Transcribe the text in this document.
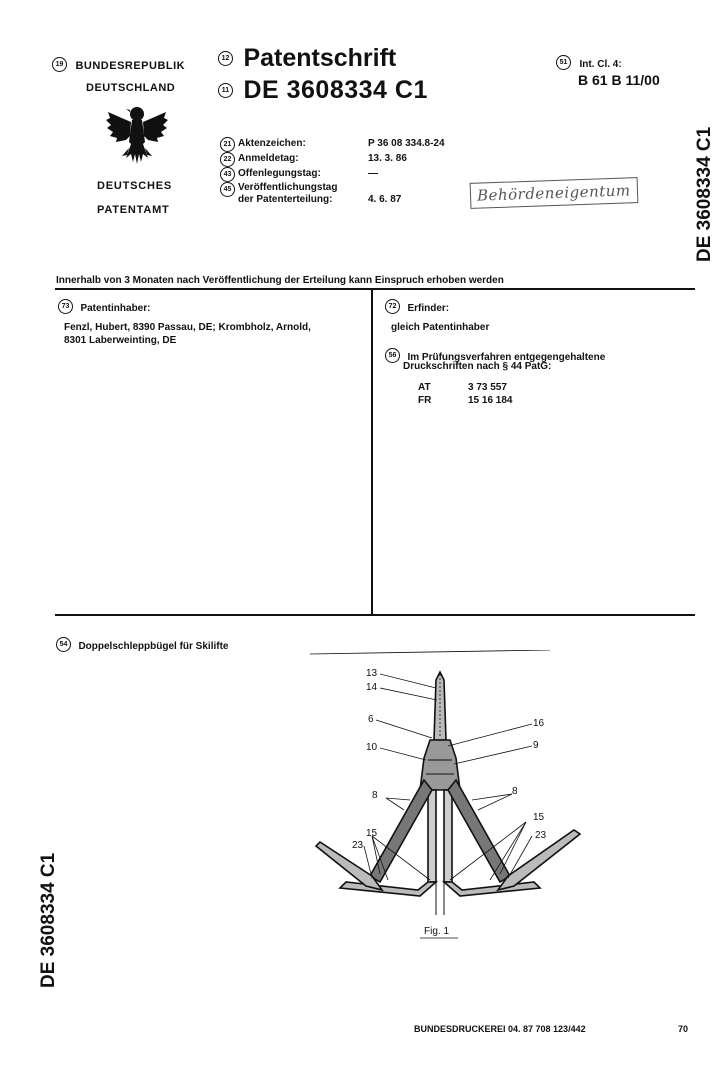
19 BUNDESREPUBLIK
DEUTSCHLAND
DEUTSCHES
PATENTAMT
12 Patentschrift
11 DE 3608334 C1
51 Int. Cl. 4:
B 61 B 11/00
21 Aktenzeichen:	P 36 08 334.8-24
22 Anmeldetag:	13. 3. 86
43 Offenlegungstag:	—
45 Veröffentlichungstag
der Patenterteilung:	4. 6. 87	Behördeneigentum	DE 3608334 C1
DE 3608334 C1
Innerhalb von 3 Monaten nach Veröffentlichung der Erteilung kann Einspruch erhoben werden
73 Patentinhaber:
Fenzl, Hubert, 8390 Passau, DE; Krombholz, Arnold,
8301 Laberweinting, DE
72 Erfinder:
gleich Patentinhaber
56 Im Prüfungsverfahren entgegengehaltene
Druckschriften nach § 44 PatG:
AT	3 73 557
FR	15 16 184
54 Doppelschleppbügel für Skilifte
13
14
6	16
10	9
8	8
15
15
23
23
Fig. 1
BUNDESDRUCKEREI 04. 87 708 123/442	70
